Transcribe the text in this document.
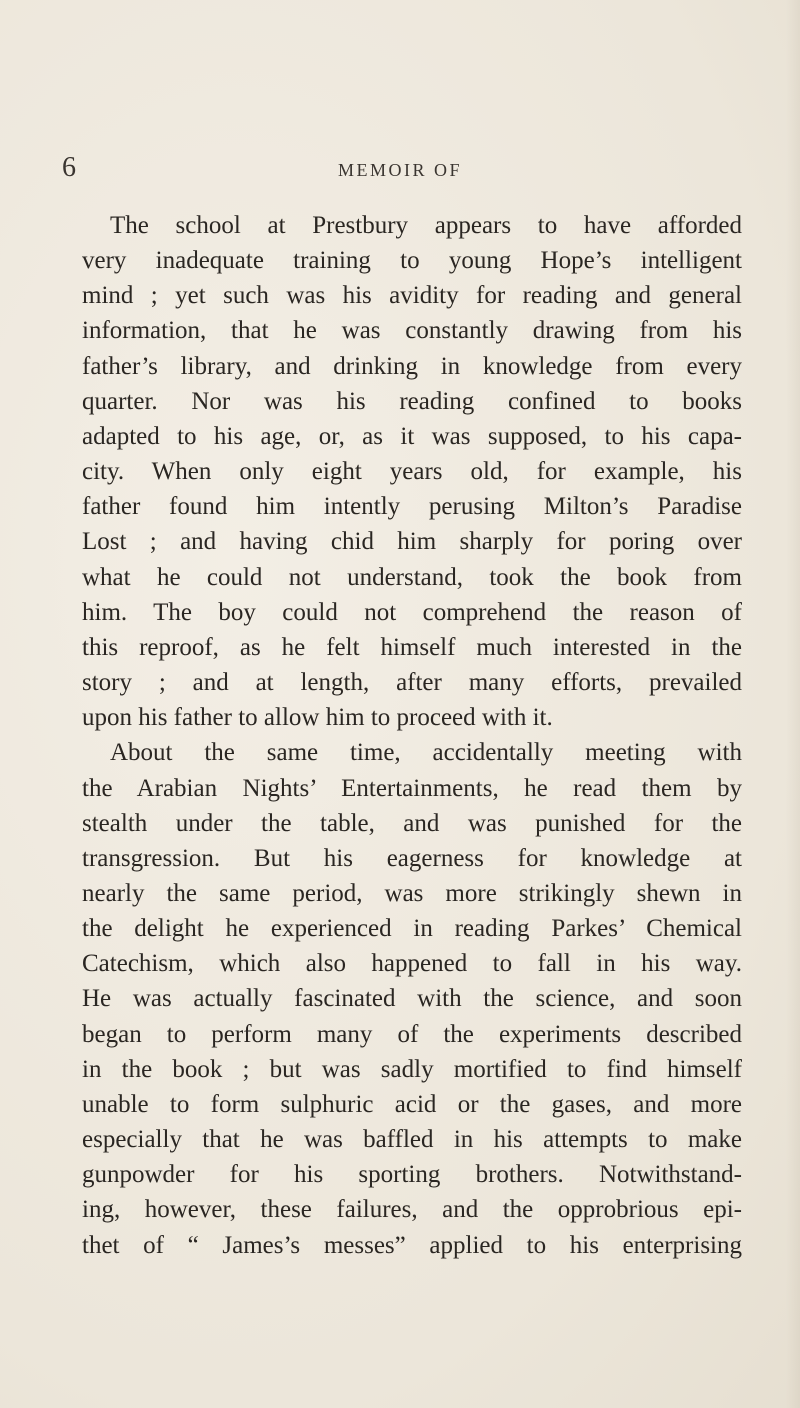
6	MEMOIR OF
The school at Prestbury appears to have afforded
very inadequate training to young Hope’s intelligent
mind ; yet such was his avidity for reading and general
information, that he was constantly drawing from his
father’s library, and drinking in knowledge from every
quarter. Nor was his reading confined to books
adapted to his age, or, as it was supposed, to his capa-
city. When only eight years old, for example, his
father found him intently perusing Milton’s Paradise
Lost ; and having chid him sharply for poring over
what he could not understand, took the book from
him. The boy could not comprehend the reason of
this reproof, as he felt himself much interested in the
story ; and at length, after many efforts, prevailed
upon his father to allow him to proceed with it.
About the same time, accidentally meeting with
the Arabian Nights’ Entertainments, he read them by
stealth under the table, and was punished for the
transgression. But his eagerness for knowledge at
nearly the same period, was more strikingly shewn in
the delight he experienced in reading Parkes’ Chemical
Catechism, which also happened to fall in his way.
He was actually fascinated with the science, and soon
began to perform many of the experiments described
in the book ; but was sadly mortified to find himself
unable to form sulphuric acid or the gases, and more
especially that he was baffled in his attempts to make
gunpowder for his sporting brothers. Notwithstand-
ing, however, these failures, and the opprobrious epi-
thet of “ James’s messes” applied to his enterprising
